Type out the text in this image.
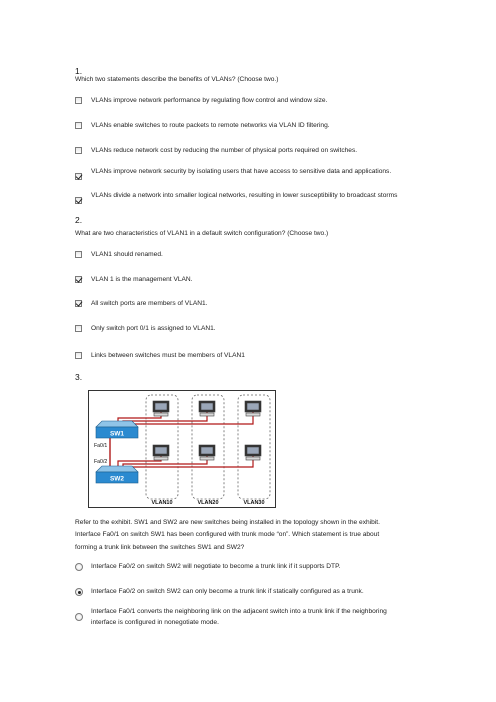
1.
Which two statements describe the benefits of VLANs? (Choose two.)
VLANs improve network performance by regulating flow control and window size.
VLANs enable switches to route packets to remote networks via VLAN ID filtering.
VLANs reduce network cost by reducing the number of physical ports required on switches.
VLANs improve network security by isolating users that have access to sensitive data and applications.
VLANs divide a network into smaller logical networks, resulting in lower susceptibility to broadcast storms
2.
What are two characteristics of VLAN1 in a default switch configuration? (Choose two.)
VLAN1 should renamed.
VLAN 1 is the management VLAN.
All switch ports are members of VLAN1.
Only switch port 0/1 is assigned to VLAN1.
Links between switches must be members of VLAN1
3.
SW1
SW2
Fa0/1
Fa0/2
VLAN10	VLAN20	VLAN30
Refer to the exhibit. SW1 and SW2 are new switches being installed in the topology shown in the exhibit.
Interface Fa0/1 on switch SW1 has been configured with trunk mode “on”. Which statement is true about
forming a trunk link between the switches SW1 and SW2?
Interface Fa0/2 on switch SW2 will negotiate to become a trunk link if it supports DTP.
Interface Fa0/2 on switch SW2 can only become a trunk link if statically configured as a trunk.
Interface Fa0/1 converts the neighboring link on the adjacent switch into a trunk link if the neighboring interface is configured in nonegotiate mode.
